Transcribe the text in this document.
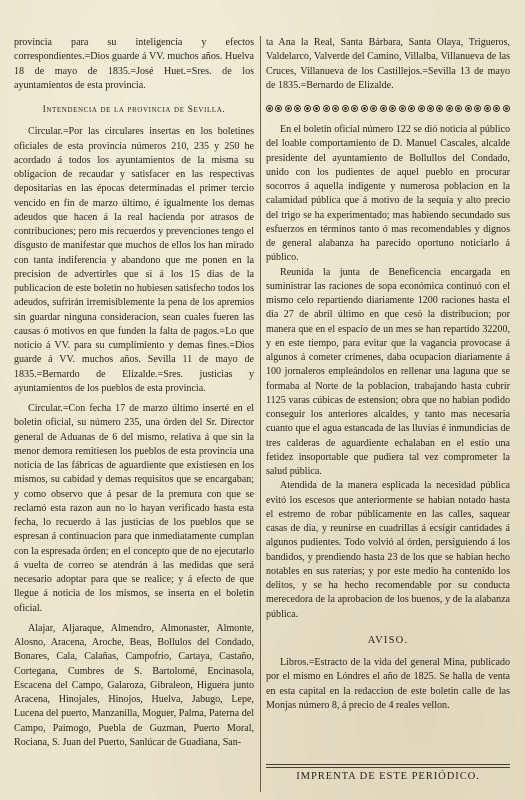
provincia para su inteligencia y efectos correspondientes.=Dios guarde á VV. muchos años. Huelva 18 de mayo de 1835.=José Huet.=Sres. de los ayuntamientos de esta provincia.

Intendencia de la provincia de Sevilla.

Circular.=Por las circulares insertas en los boletines oficiales de esta provincia números 210, 235 y 250 he acordado á todos los ayuntamientos de la misma su obligacion de recaudar y satisfacer en las respectivas depositarias en las épocas determinadas el primer tercio vencido en fin de marzo último, é igualmente los demas adeudos que hacen á la real hacienda por atrasos de contribuciones; pero mis recuerdos y prevenciones tengo el disgusto de manifestar que muchos de ellos los han mirado con tanta indiferencia y abandono que me ponen en la precision de advertirles que si á los 15 dias de la publicacion de este boletin no hubiesen satisfecho todos los adeudos, sufrirán irremisiblemente la pena de los apremios sin guardar ninguna consideracion, sean cuales fueren las causas ó motivos en que funden la falta de pagos.=Lo que noticio á VV. para su cumplimiento y demas fines.=Dios guarde á VV. muchos años. Sevilla 11 de mayo de 1835.=Bernardo de Elizalde.=Sres. justicias y ayuntamientos de los pueblos de esta provincia.

Circular.=Con fecha 17 de marzo último inserté en el boletin oficial, su número 235, una órden del Sr. Director general de Aduanas de 6 del mismo, relativa á que sin la menor demora remitiesen los pueblos de esta provincia una noticia de las fábricas de aguardiente que existiesen en los mismos, su cabidad y demas requisitos que se encargaban; y como observo que á pesar de la premura con que se reclamó esta razon aun no lo hayan verificado hasta esta fecha, lo recuerdo á las justicias de los pueblos que se espresan á continuacion para que inmediatamente cumplan con la espresada órden; en el concepto que de no ejecutarlo á vuelta de correo se atendrán á las medidas que será necesario adoptar para que se realice; y á efecto de que llegue á noticia de los mismos, se inserta en el boletin oficial.

Alajar, Aljaraque, Almendro, Almonaster, Almonte, Alosno, Aracena, Aroche, Beas, Bollulos del Condado, Bonares, Cala, Calañas, Campofrio, Cartaya, Castaño, Cortegana, Cumbres de S. Bartolomé, Encinasola, Escacena del Campo, Galaroza, Gibraleon, Higuera junto Aracena, Hinojales, Hinojos, Huelva, Jabugo, Lepe, Lucena del puerto, Manzanilla, Moguer, Palma, Paterna del Campo, Paimogo, Puebla de Guzman, Puerto Moral, Rociana, S. Juan del Puerto, Sanlúcar de Guadiana, San-

ta Ana la Real, Santa Bárbara, Santa Olaya, Trigueros, Valdelarco, Valverde del Camino, Villalba, Villanueva de las Cruces, Villanueva de los Castillejos.=Sevilla 13 de mayo de 1835.=Bernardo de Elizalde.

En el boletin oficial número 122 se dió noticia al público del loable comportamiento de D. Manuel Cascales, alcalde presidente del ayuntamiento de Bollullos del Condado, unido con los pudientes de aquel pueblo en procurar socorros á aquella indigente y numerosa poblacion en la calamidad pública que á motivo de la sequía y alto precio del trigo se ha experimentado; mas habiendo secundado sus esfuerzos en términos tanto ó mas recomendables y dignos de general alabanza ha parecido oportuno noticiarlo á público.

Reunida la junta de Beneficencia encargada en suministrar las raciones de sopa económica continuó con el mismo celo repartiendo diariamente 1200 raciones hasta el dia 27 de abril último en que cesó la distribucion; por manera que en el espacio de un mes se han repartido 32200, y en este tiempo, para evitar que la vagancia provocase á algunos á cometer crímenes, daba ocupacion diariamente á 100 jornaleros empleándolos en rellenar una laguna que se formaba al Norte de la poblacion, trabajando hasta cubrir 1125 varas cúbicas de estension; obra que no habian podido conseguir los anteriores alcaldes, y tanto mas necesaria cuanto que el agua estancada de las lluvias é inmundicias de tres calderas de aguardiente echalaban en el estío una fetidez insoportable que pudiera tal vez comprometer la salud pública.

Atendida de la manera esplicada la necesidad pública evitó los escesos que anteriormente se habian notado hasta el estremo de robar públicamente en las calles, saquear casas de dia, y reunirse en cuadrillas á ecsigir cantidades á algunos pudientes. Todo volvió al órden, persiguiendo á los bandidos, y prendiendo hasta 23 de los que se habian hecho notables en sus raterías; y por este medio ha contenido los delitos, y se ha hecho recomendable por su conducta merecedora de la aprobacion de los buenos, y de la alabanza pública.

AVISO.

Libros.=Estracto de la vida del general Mina, publicado por el mismo en Lóndres el año de 1825. Se halla de venta en esta capital en la redaccion de este boletin calle de las Monjas número 8, á precio de 4 reales vellon.

IMPRENTA DE ESTE PERIÓDICO.
